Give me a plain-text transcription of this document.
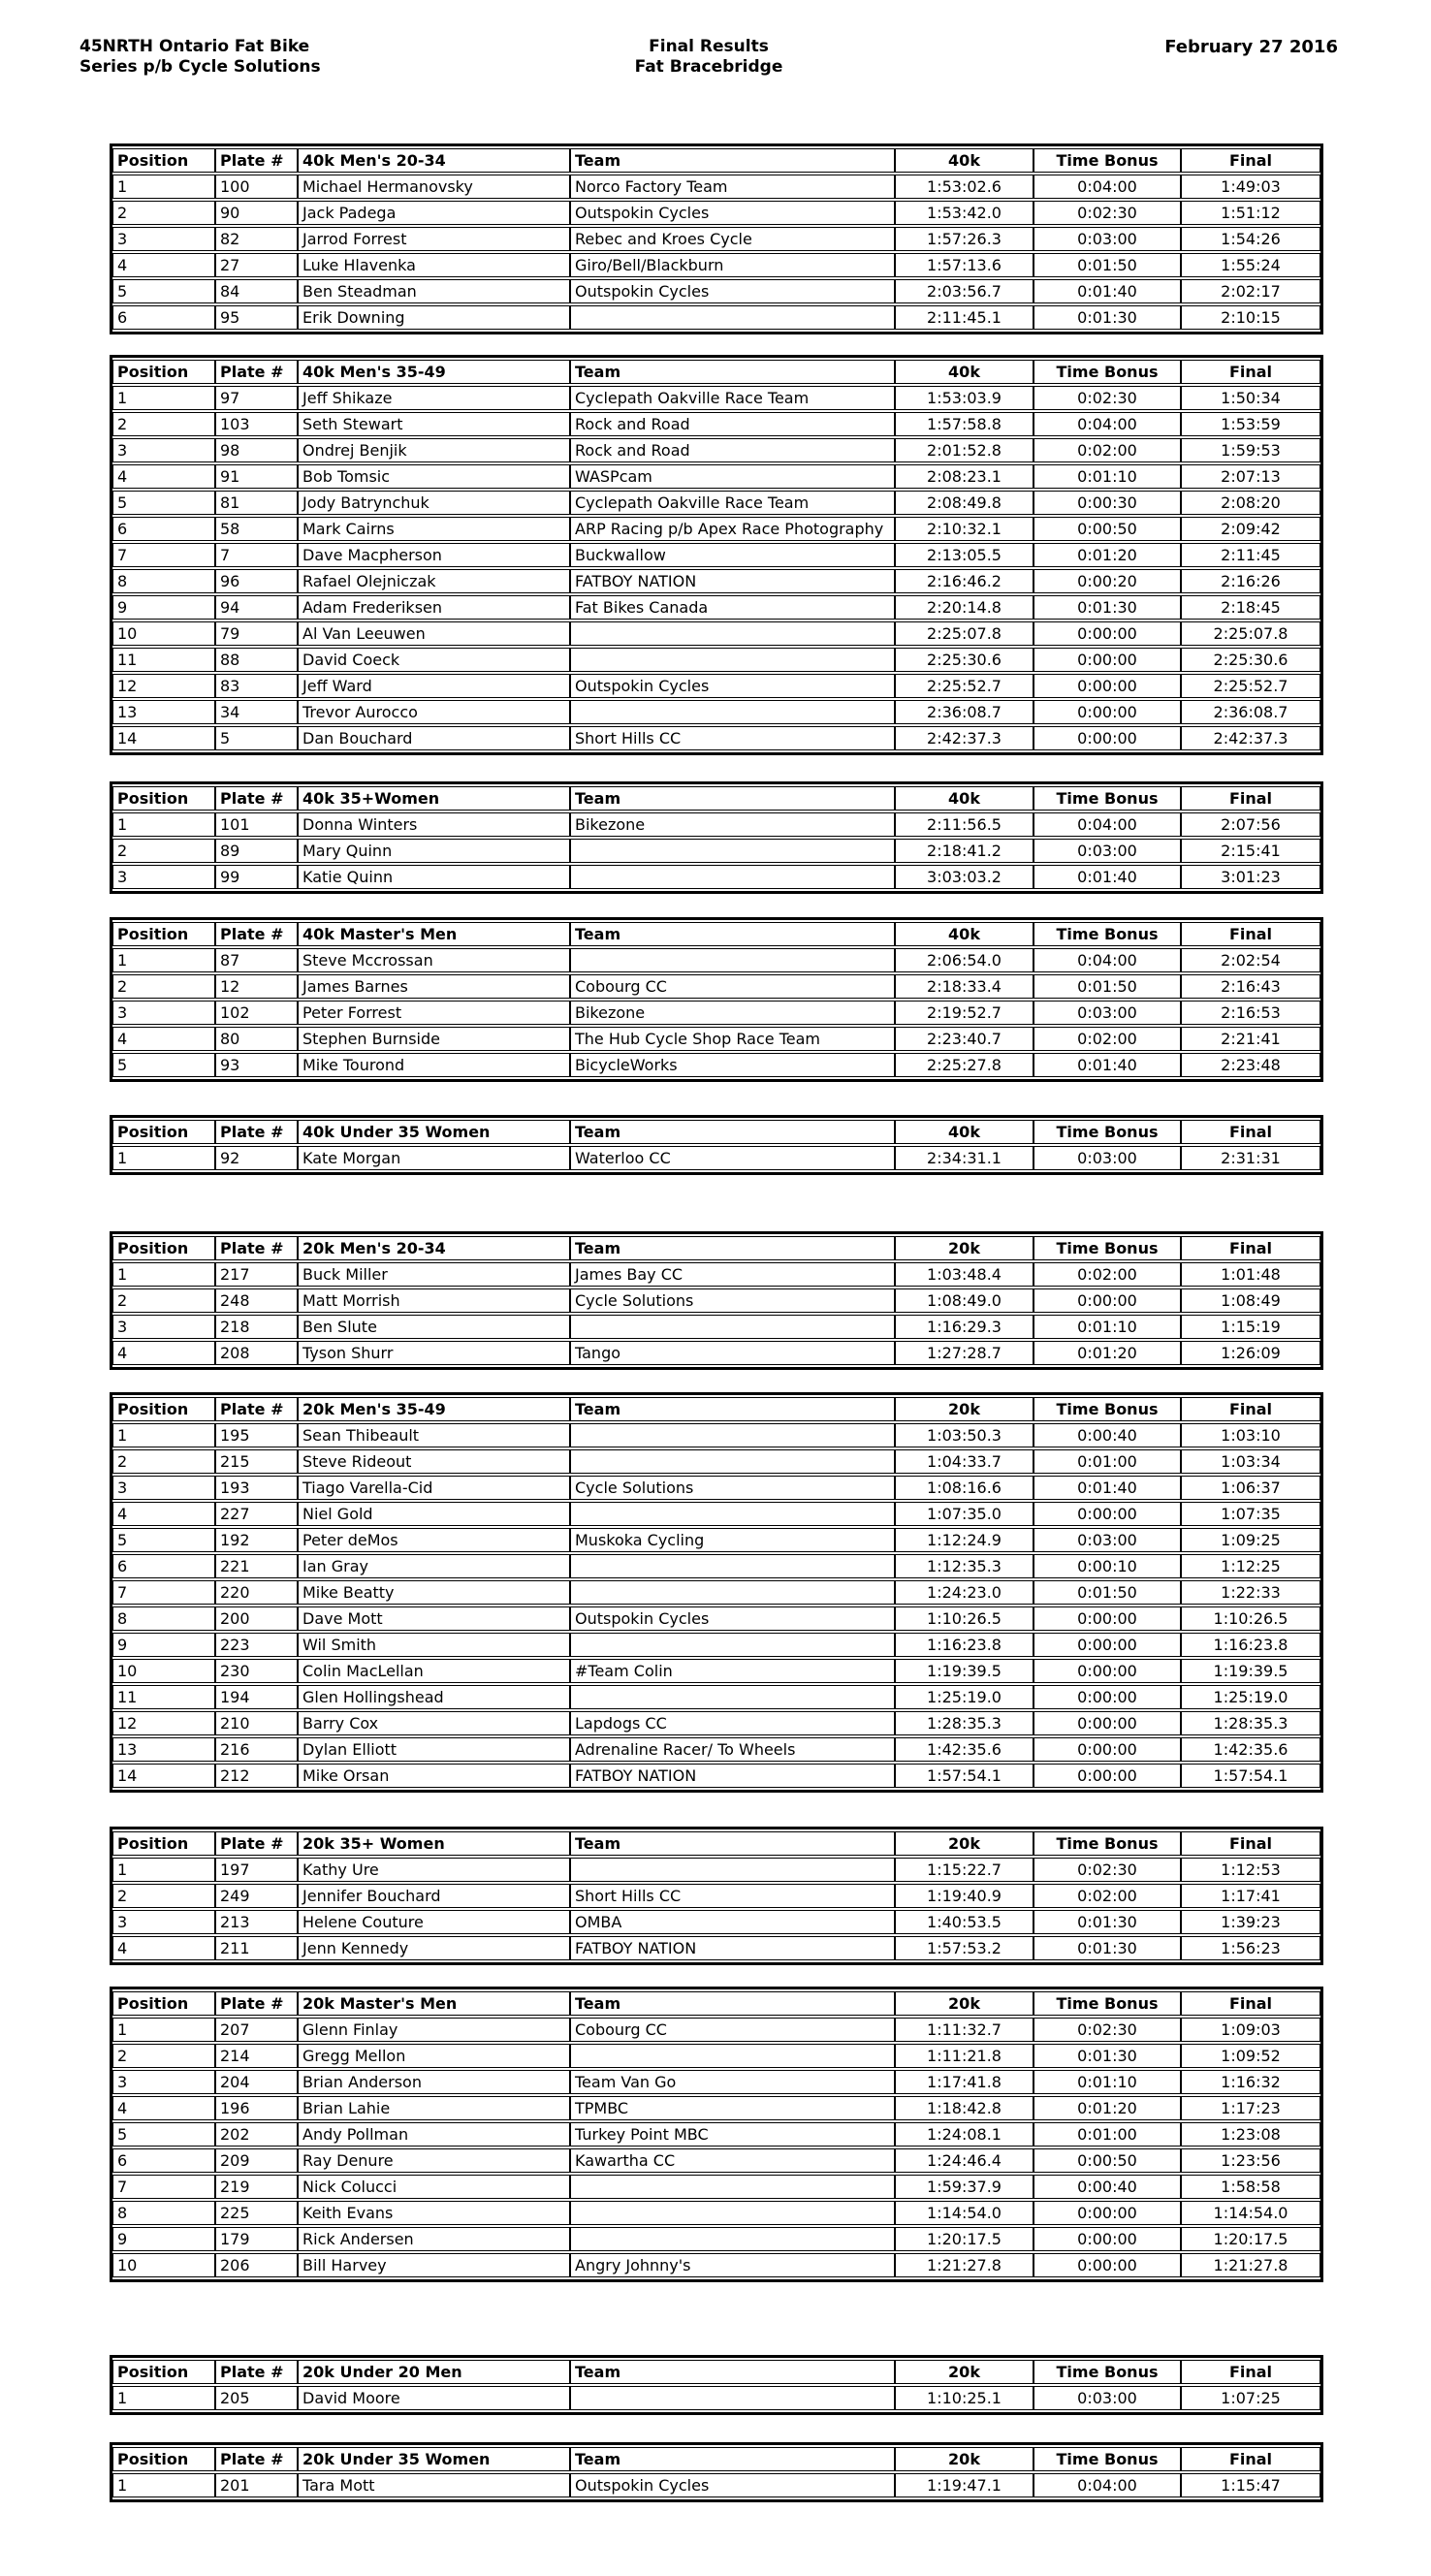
45NRTH Ontario Fat Bike
Series p/b Cycle Solutions
Final Results
Fat Bracebridge
February 27 2016
Position	Plate #	40k Men's 20-34	Team	40k	Time Bonus	Final
1	100	Michael Hermanovsky	Norco Factory Team	1:53:02.6	0:04:00	1:49:03
2	90	Jack Padega	Outspokin Cycles	1:53:42.0	0:02:30	1:51:12
3	82	Jarrod Forrest	Rebec and Kroes Cycle	1:57:26.3	0:03:00	1:54:26
4	27	Luke Hlavenka	Giro/Bell/Blackburn	1:57:13.6	0:01:50	1:55:24
5	84	Ben Steadman	Outspokin Cycles	2:03:56.7	0:01:40	2:02:17
6	95	Erik Downing		2:11:45.1	0:01:30	2:10:15
Position	Plate #	40k Men's 35-49	Team	40k	Time Bonus	Final
1	97	Jeff Shikaze	Cyclepath Oakville Race Team	1:53:03.9	0:02:30	1:50:34
2	103	Seth Stewart	Rock and Road	1:57:58.8	0:04:00	1:53:59
3	98	Ondrej Benjik	Rock and Road	2:01:52.8	0:02:00	1:59:53
4	91	Bob Tomsic	WASPcam	2:08:23.1	0:01:10	2:07:13
5	81	Jody Batrynchuk	Cyclepath Oakville Race Team	2:08:49.8	0:00:30	2:08:20
6	58	Mark Cairns	ARP Racing p/b Apex Race Photography	2:10:32.1	0:00:50	2:09:42
7	7	Dave Macpherson	Buckwallow	2:13:05.5	0:01:20	2:11:45
8	96	Rafael Olejniczak	FATBOY NATION	2:16:46.2	0:00:20	2:16:26
9	94	Adam Frederiksen	Fat Bikes Canada	2:20:14.8	0:01:30	2:18:45
10	79	Al Van Leeuwen		2:25:07.8	0:00:00	2:25:07.8
11	88	David Coeck		2:25:30.6	0:00:00	2:25:30.6
12	83	Jeff Ward	Outspokin Cycles	2:25:52.7	0:00:00	2:25:52.7
13	34	Trevor Aurocco		2:36:08.7	0:00:00	2:36:08.7
14	5	Dan Bouchard	Short Hills CC	2:42:37.3	0:00:00	2:42:37.3
Position	Plate #	40k 35+Women	Team	40k	Time Bonus	Final
1	101	Donna Winters	Bikezone	2:11:56.5	0:04:00	2:07:56
2	89	Mary Quinn		2:18:41.2	0:03:00	2:15:41
3	99	Katie Quinn		3:03:03.2	0:01:40	3:01:23
Position	Plate #	40k Master's Men	Team	40k	Time Bonus	Final
1	87	Steve Mccrossan		2:06:54.0	0:04:00	2:02:54
2	12	James Barnes	Cobourg CC	2:18:33.4	0:01:50	2:16:43
3	102	Peter Forrest	Bikezone	2:19:52.7	0:03:00	2:16:53
4	80	Stephen Burnside	The Hub Cycle Shop Race Team	2:23:40.7	0:02:00	2:21:41
5	93	Mike Tourond	BicycleWorks	2:25:27.8	0:01:40	2:23:48
Position	Plate #	40k Under 35 Women	Team	40k	Time Bonus	Final
1	92	Kate Morgan	Waterloo CC	2:34:31.1	0:03:00	2:31:31
Position	Plate #	20k Men's 20-34	Team	20k	Time Bonus	Final
1	217	Buck Miller	James Bay CC	1:03:48.4	0:02:00	1:01:48
2	248	Matt Morrish	Cycle Solutions	1:08:49.0	0:00:00	1:08:49
3	218	Ben Slute		1:16:29.3	0:01:10	1:15:19
4	208	Tyson Shurr	Tango	1:27:28.7	0:01:20	1:26:09
Position	Plate #	20k Men's 35-49	Team	20k	Time Bonus	Final
1	195	Sean Thibeault		1:03:50.3	0:00:40	1:03:10
2	215	Steve Rideout		1:04:33.7	0:01:00	1:03:34
3	193	Tiago Varella-Cid	Cycle Solutions	1:08:16.6	0:01:40	1:06:37
4	227	Niel Gold		1:07:35.0	0:00:00	1:07:35
5	192	Peter deMos	Muskoka Cycling	1:12:24.9	0:03:00	1:09:25
6	221	Ian Gray		1:12:35.3	0:00:10	1:12:25
7	220	Mike Beatty		1:24:23.0	0:01:50	1:22:33
8	200	Dave Mott	Outspokin Cycles	1:10:26.5	0:00:00	1:10:26.5
9	223	Wil Smith		1:16:23.8	0:00:00	1:16:23.8
10	230	Colin MacLellan	#Team Colin	1:19:39.5	0:00:00	1:19:39.5
11	194	Glen Hollingshead		1:25:19.0	0:00:00	1:25:19.0
12	210	Barry Cox	Lapdogs CC	1:28:35.3	0:00:00	1:28:35.3
13	216	Dylan Elliott	Adrenaline Racer/ To Wheels	1:42:35.6	0:00:00	1:42:35.6
14	212	Mike Orsan	FATBOY NATION	1:57:54.1	0:00:00	1:57:54.1
Position	Plate #	20k 35+ Women	Team	20k	Time Bonus	Final
1	197	Kathy Ure		1:15:22.7	0:02:30	1:12:53
2	249	Jennifer Bouchard	Short Hills CC	1:19:40.9	0:02:00	1:17:41
3	213	Helene Couture	OMBA	1:40:53.5	0:01:30	1:39:23
4	211	Jenn Kennedy	FATBOY NATION	1:57:53.2	0:01:30	1:56:23
Position	Plate #	20k Master's Men	Team	20k	Time Bonus	Final
1	207	Glenn Finlay	Cobourg CC	1:11:32.7	0:02:30	1:09:03
2	214	Gregg Mellon		1:11:21.8	0:01:30	1:09:52
3	204	Brian Anderson	Team Van Go	1:17:41.8	0:01:10	1:16:32
4	196	Brian Lahie	TPMBC	1:18:42.8	0:01:20	1:17:23
5	202	Andy Pollman	Turkey Point MBC	1:24:08.1	0:01:00	1:23:08
6	209	Ray Denure	Kawartha CC	1:24:46.4	0:00:50	1:23:56
7	219	Nick Colucci		1:59:37.9	0:00:40	1:58:58
8	225	Keith Evans		1:14:54.0	0:00:00	1:14:54.0
9	179	Rick Andersen		1:20:17.5	0:00:00	1:20:17.5
10	206	Bill Harvey	Angry Johnny's	1:21:27.8	0:00:00	1:21:27.8
Position	Plate #	20k Under 20 Men	Team	20k	Time Bonus	Final
1	205	David Moore		1:10:25.1	0:03:00	1:07:25
Position	Plate #	20k Under 35 Women	Team	20k	Time Bonus	Final
1	201	Tara Mott	Outspokin Cycles	1:19:47.1	0:04:00	1:15:47
